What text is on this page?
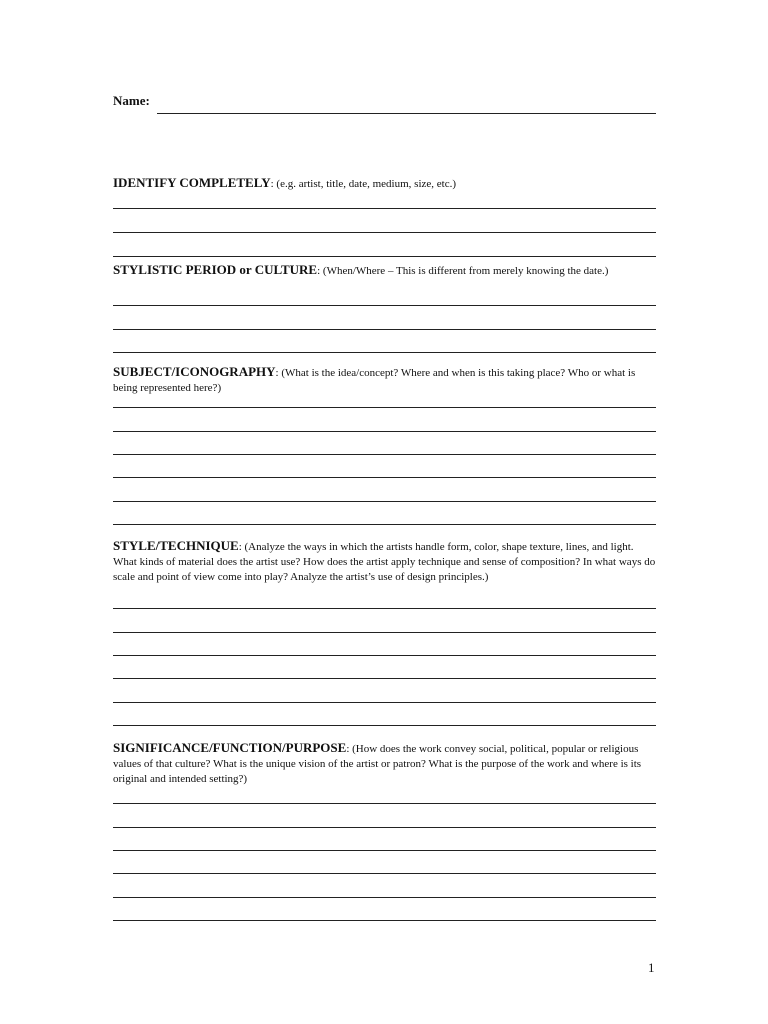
Name:

IDENTIFY COMPLETELY: (e.g. artist, title, date, medium, size, etc.)

STYLISTIC PERIOD or CULTURE: (When/Where – This is different from merely knowing the date.)

SUBJECT/ICONOGRAPHY: (What is the idea/concept? Where and when is this taking place? Who or what is being represented here?)

STYLE/TECHNIQUE: (Analyze the ways in which the artists handle form, color, shape texture, lines, and light. What kinds of material does the artist use? How does the artist apply technique and sense of composition? In what ways do scale and point of view come into play? Analyze the artist’s use of design principles.)

SIGNIFICANCE/FUNCTION/PURPOSE: (How does the work convey social, political, popular or religious values of that culture? What is the unique vision of the artist or patron? What is the purpose of the work and where is its original and intended setting?)

1
